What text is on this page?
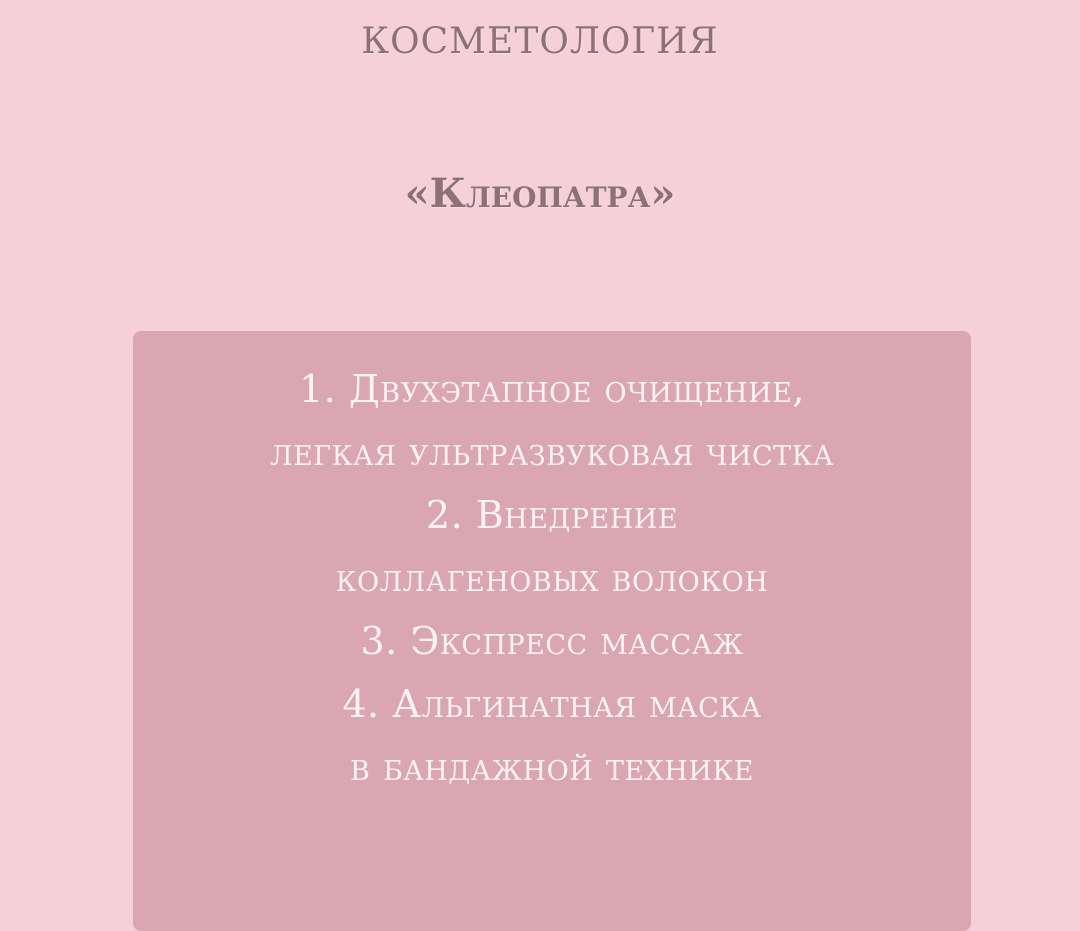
косметология
«Клеопатра»
1. Двухэтапное очищение,
легкая ультразвуковая чистка
2. Внедрение
коллагеновых волокон
3. Экспресс массаж
4. Альгинатная маска
в бандажной технике
